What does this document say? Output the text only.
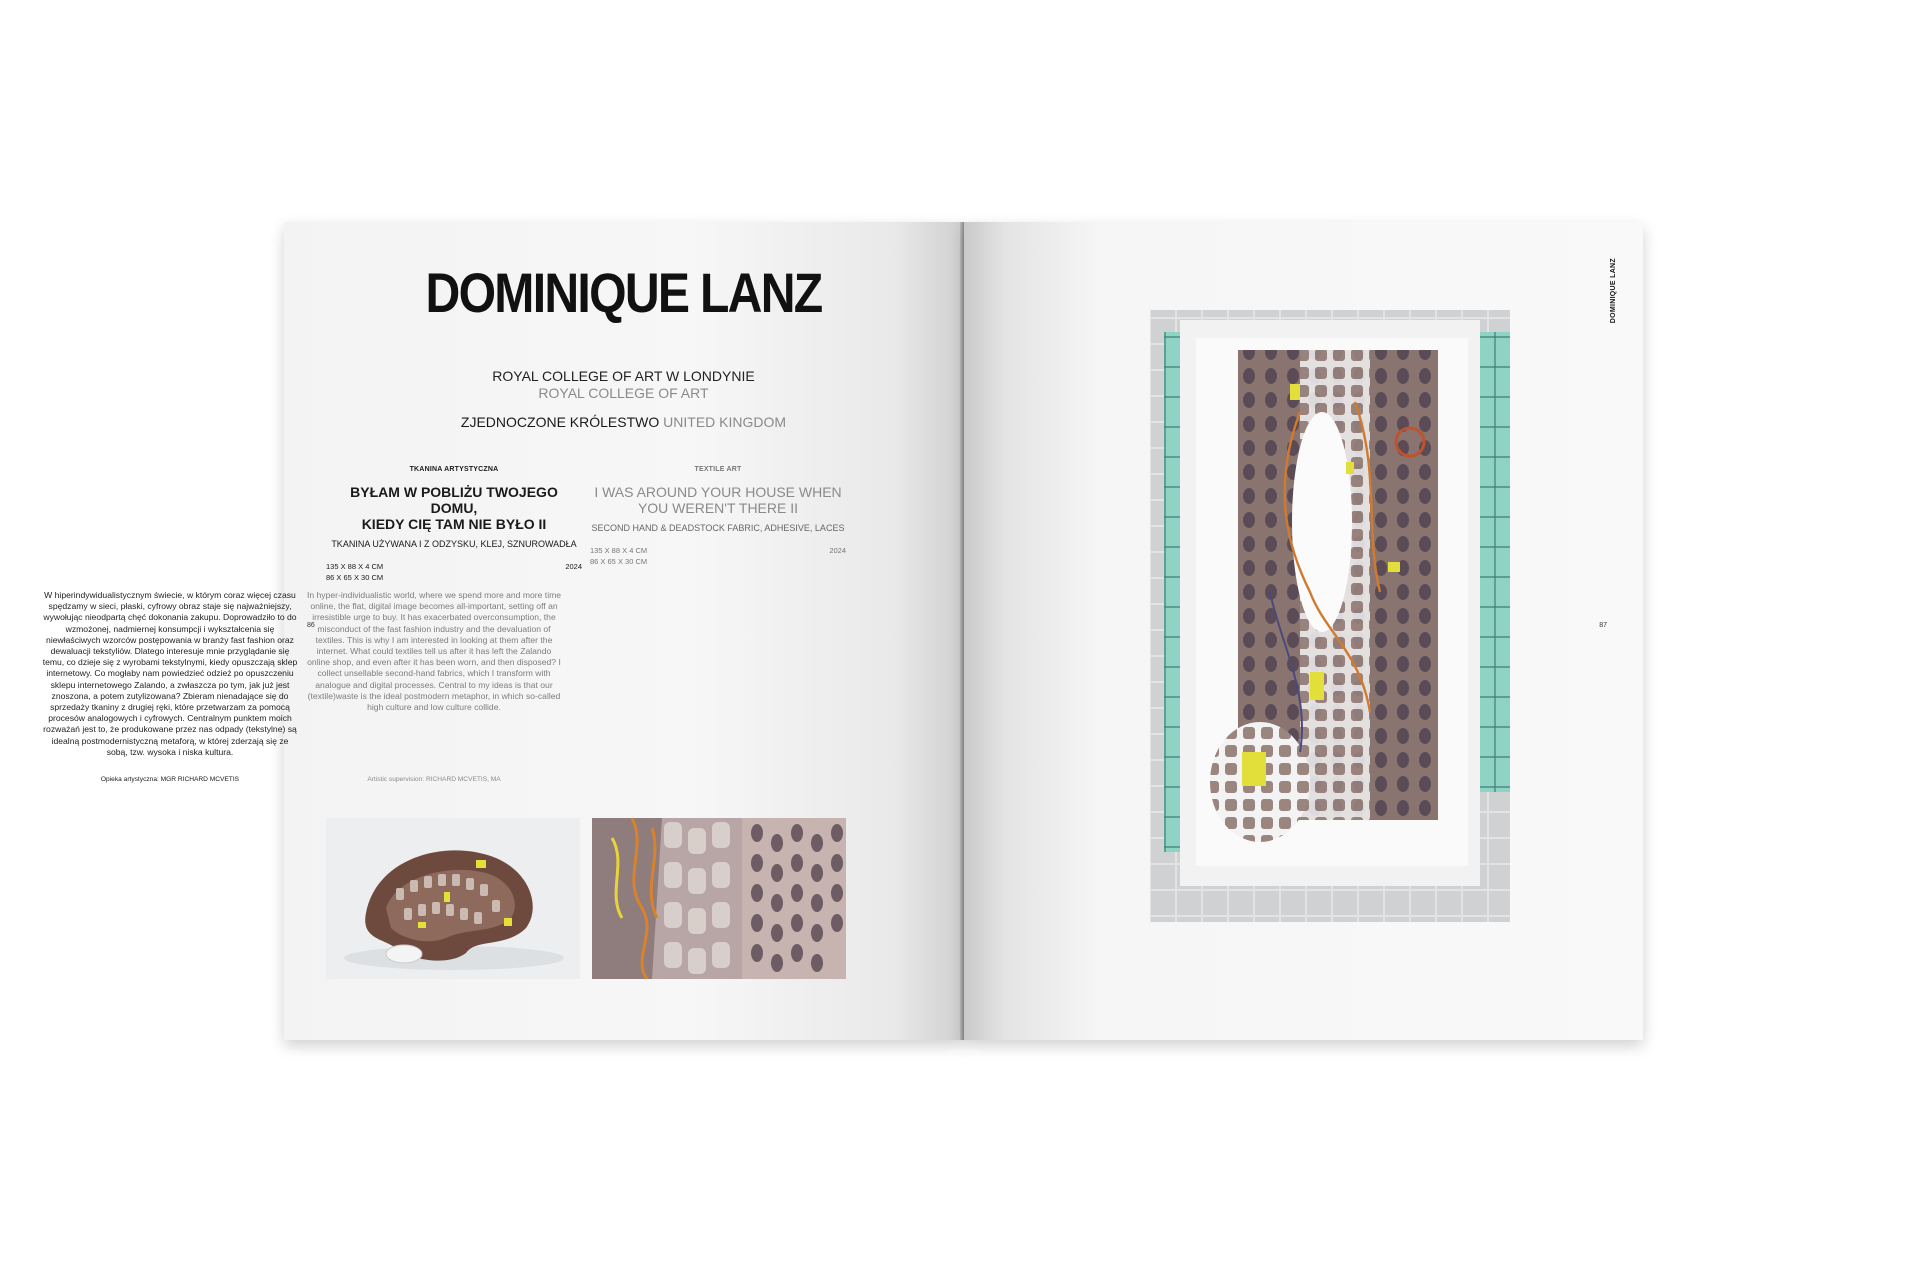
DOMINIQUE LANZ
ROYAL COLLEGE OF ART W LONDYNIE
ROYAL COLLEGE OF ART
ZJEDNOCZONE KRÓLESTWO UNITED KINGDOM
TKANINA ARTYSTYCZNA
BYŁAM W POBLIŻU TWOJEGO DOMU,
KIEDY CIĘ TAM NIE BYŁO II
TKANINA UŻYWANA I Z ODZYSKU, KLEJ, SZNUROWADŁA
135 X 88 X 4 CM
86 X 65 X 30 CM
2024
TEXTILE ART
I WAS AROUND YOUR HOUSE WHEN
YOU WEREN'T THERE II
SECOND HAND & DEADSTOCK FABRIC, ADHESIVE, LACES
135 X 88 X 4 CM
86 X 65 X 30 CM
2024
86
DOMINIQUE LANZ
87
W hiperindywidualistycznym świecie, w którym coraz więcej czasu spędzamy w sieci, płaski, cyfrowy obraz staje się najważniejszy, wywołując nieodpartą chęć dokonania zakupu. Doprowadziło to do wzmożonej, nadmiernej konsumpcji i wykształcenia się niewłaściwych wzorców postępowania w branży fast fashion oraz dewaluacji tekstyliów. Dlatego interesuje mnie przyglądanie się temu, co dzieje się z wyrobami tekstylnymi, kiedy opuszczają sklep internetowy. Co mogłaby nam powiedzieć odzież po opuszczeniu sklepu internetowego Zalando, a zwłaszcza po tym, jak już jest znoszona, a potem zutylizowana? Zbieram nienadające się do sprzedaży tkaniny z drugiej ręki, które przetwarzam za pomocą procesów analogowych i cyfrowych. Centralnym punktem moich rozważań jest to, że produkowane przez nas odpady (tekstylne) są idealną postmodernistyczną metaforą, w której zderzają się ze sobą, tzw. wysoka i niska kultura.
In hyper-individualistic world, where we spend more and more time online, the flat, digital image becomes all-important, setting off an irresistible urge to buy. It has exacerbated overconsumption, the misconduct of the fast fashion industry and the devaluation of textiles. This is why I am interested in looking at them after the internet. What could textiles tell us after it has left the Zalando online shop, and even after it has been worn, and then disposed? I collect unsellable second-hand fabrics, which I transform with analogue and digital processes. Central to my ideas is that our (textile)waste is the ideal postmodern metaphor, in which so-called high culture and low culture collide.
Opieka artystyczna: MGR RICHARD MCVETIS	Artistic supervision: RICHARD MCVETIS, MA
